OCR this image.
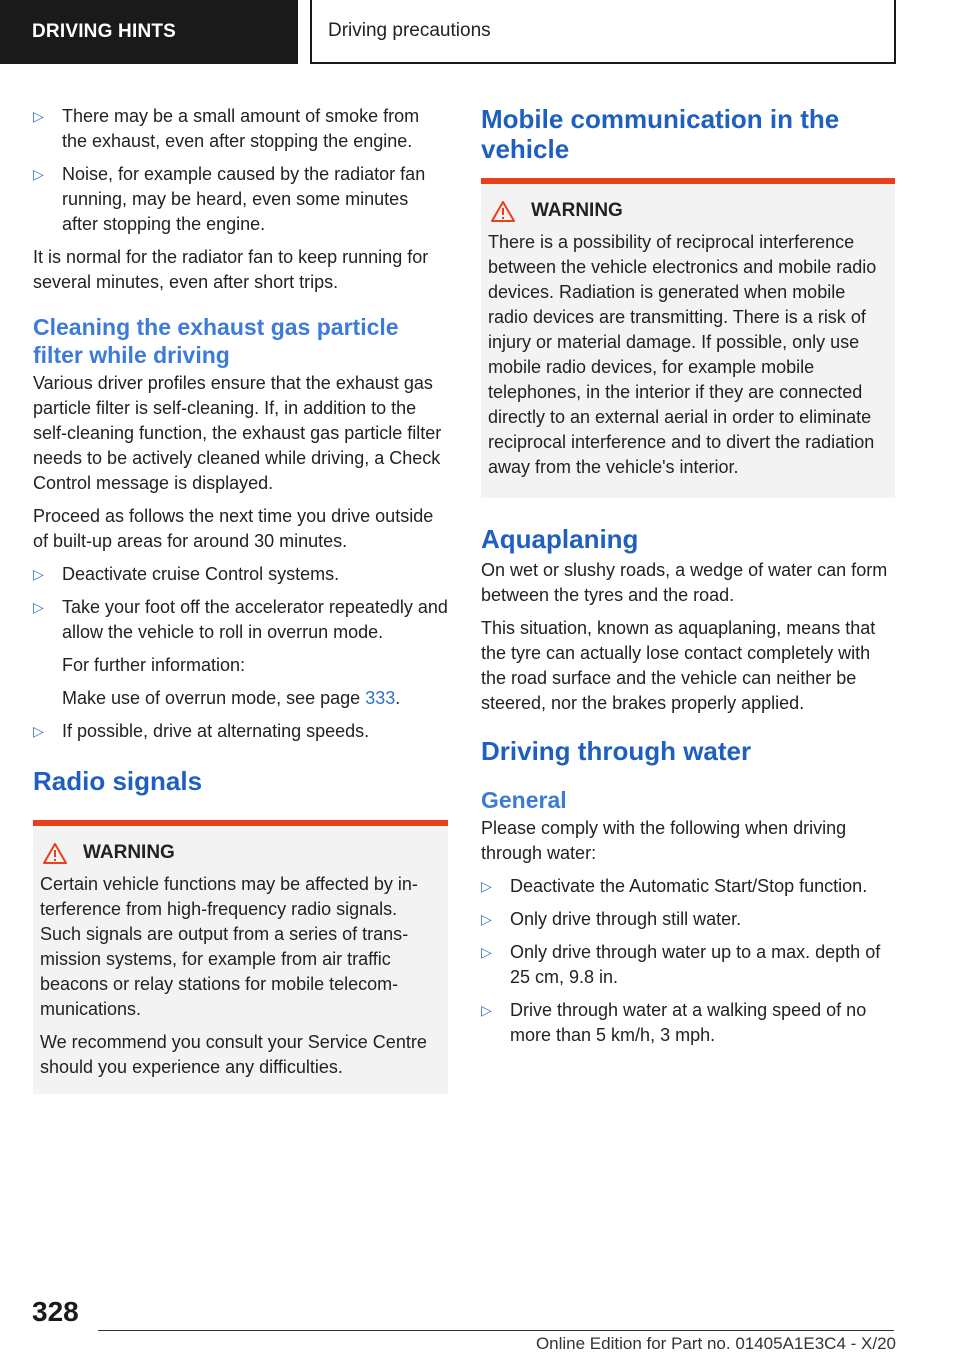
DRIVING HINTS	Driving precautions
▷ There may be a small amount of smoke from the exhaust, even after stopping the engine.
▷ Noise, for example caused by the radiator fan running, may be heard, even some minutes after stopping the engine.

It is normal for the radiator fan to keep running for several minutes, even after short trips.

Cleaning the exhaust gas particle filter while driving

Various driver profiles ensure that the exhaust gas particle filter is self-cleaning. If, in addition to the self-cleaning function, the exhaust gas particle filter needs to be actively cleaned while driving, a Check Control message is displayed.

Proceed as follows the next time you drive outside of built-up areas for around 30 minutes.

▷ Deactivate cruise Control systems.
▷ Take your foot off the accelerator repeatedly and allow the vehicle to roll in overrun mode.

For further information:

Make use of overrun mode, see page 333.

▷ If possible, drive at alternating speeds.
Radio signals
WARNING

Certain vehicle functions may be affected by interference from high-frequency radio signals. Such signals are output from a series of transmission systems, for example from air traffic beacons or relay stations for mobile telecommunications.

We recommend you consult your Service Centre should you experience any difficulties.

Mobile communication in the vehicle
WARNING

There is a possibility of reciprocal interference between the vehicle electronics and mobile radio devices. Radiation is generated when mobile radio devices are transmitting. There is a risk of injury or material damage. If possible, only use mobile radio devices, for example mobile telephones, in the interior if they are connected directly to an external aerial in order to eliminate reciprocal interference and to divert the radiation away from the vehicle's interior.

Aquaplaning

On wet or slushy roads, a wedge of water can form between the tyres and the road.

This situation, known as aquaplaning, means that the tyre can actually lose contact completely with the road surface and the vehicle can neither be steered, nor the brakes properly applied.

Driving through water
General

Please comply with the following when driving through water:

▷ Deactivate the Automatic Start/Stop function.
▷ Only drive through still water.
▷ Only drive through water up to a max. depth of 25 cm, 9.8 in.
▷ Drive through water at a walking speed of no more than 5 km/h, 3 mph.
328
Online Edition for Part no. 01405A1E3C4 - X/20
